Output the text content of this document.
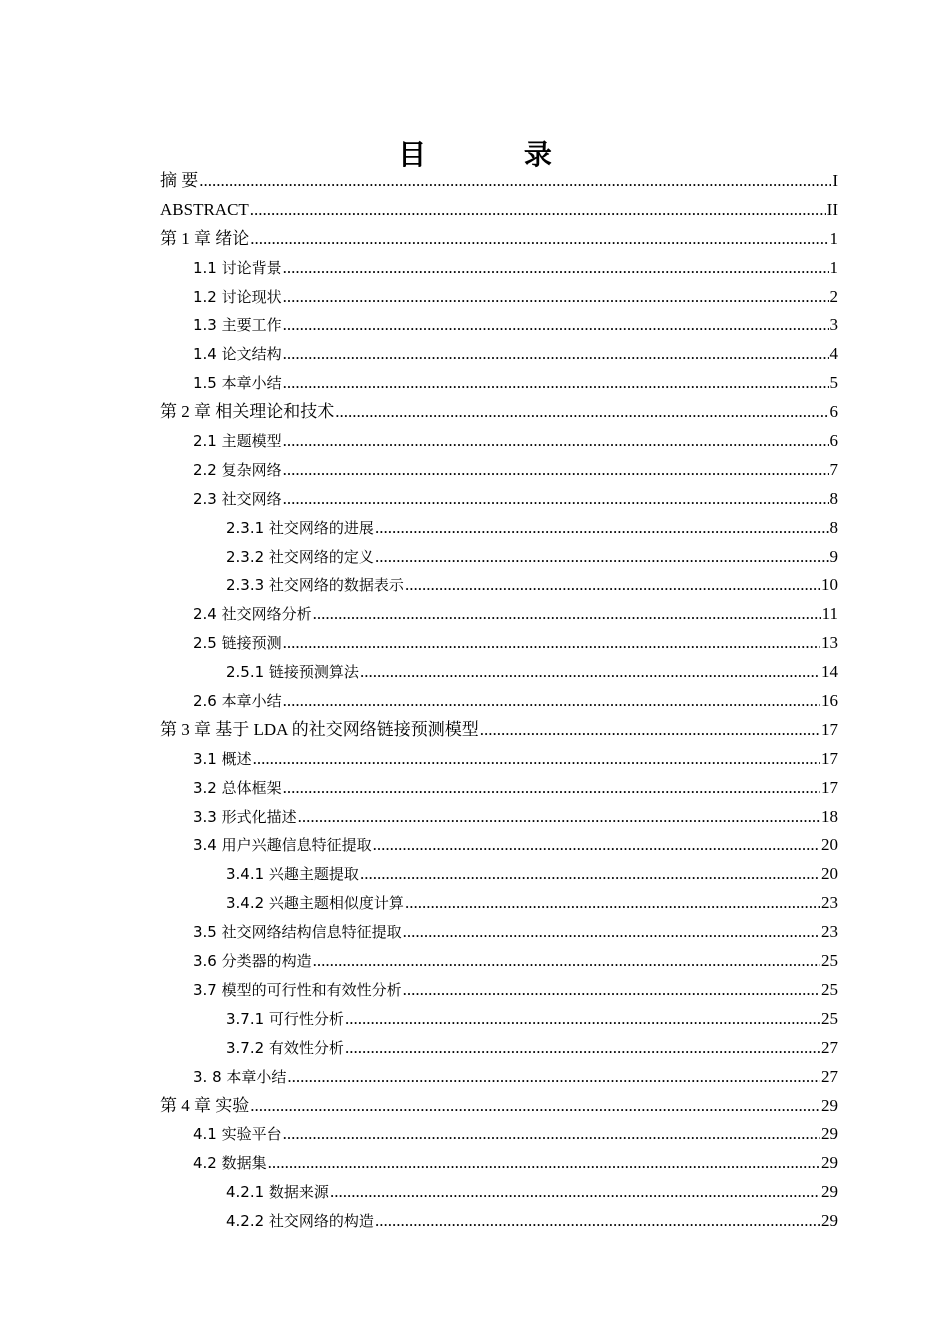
目 录
摘 要 .....	I
ABSTRACT .....	II
第 1 章 绪论 .....	1
1.1 讨论背景 .....	1
1.2 讨论现状 .....	2
1.3 主要工作 .....	3
1.4 论文结构 .....	4
1.5 本章小结 .....	5
第 2 章 相关理论和技术 .....	6
2.1 主题模型 .....	6
2.2 复杂网络 .....	7
2.3 社交网络 .....	8
2.3.1 社交网络的进展 .....	8
2.3.2 社交网络的定义 .....	9
2.3.3 社交网络的数据表示 .....	10
2.4 社交网络分析 .....	11
2.5 链接预测 .....	13
2.5.1 链接预测算法 .....	14
2.6 本章小结 .....	16
第 3 章 基于 LDA 的社交网络链接预测模型 .....	17
3.1 概述 .....	17
3.2 总体框架 .....	17
3.3 形式化描述 .....	18
3.4 用户兴趣信息特征提取 .....	20
3.4.1 兴趣主题提取 .....	20
3.4.2 兴趣主题相似度计算 .....	23
3.5 社交网络结构信息特征提取 .....	23
3.6 分类器的构造 .....	25
3.7 模型的可行性和有效性分析 .....	25
3.7.1 可行性分析 .....	25
3.7.2 有效性分析 .....	27
3. 8 本章小结 .....	27
第 4 章 实验 .....	29
4.1 实验平台 .....	29
4.2 数据集 .....	29
4.2.1 数据来源 .....	29
4.2.2 社交网络的构造 .....	29
